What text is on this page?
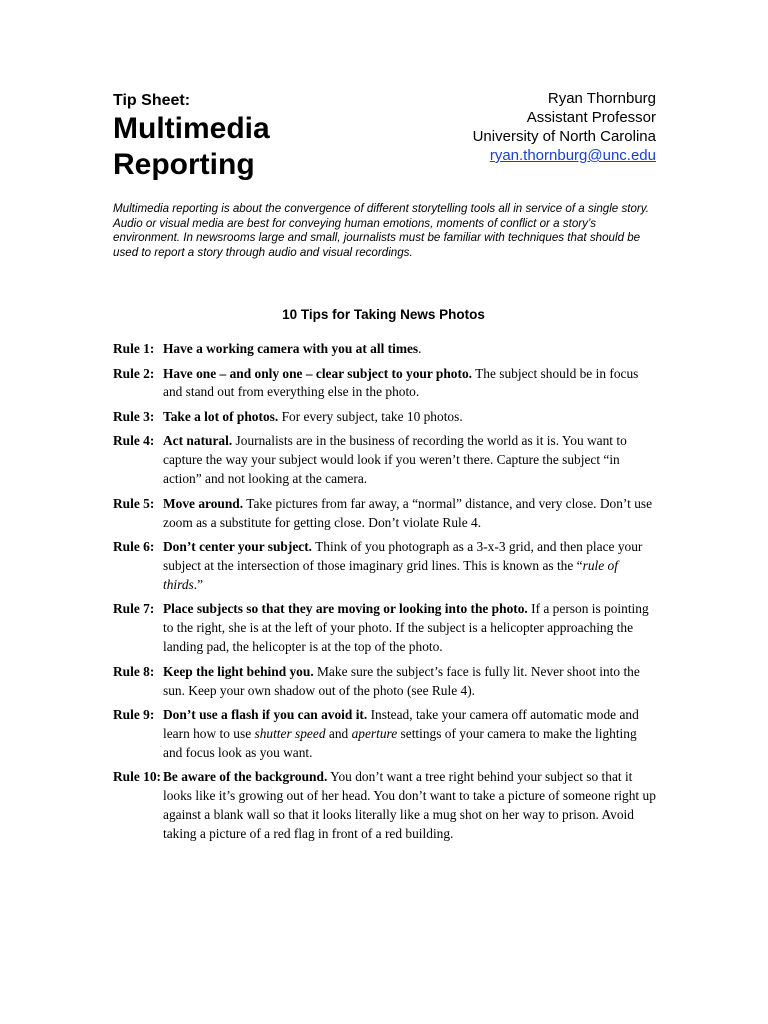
Tip Sheet:
Multimedia
Reporting
Ryan Thornburg
Assistant Professor
University of North Carolina
ryan.thornburg@unc.edu
Multimedia reporting is about the convergence of different storytelling tools all in service of a single story. Audio or visual media are best for conveying human emotions, moments of conflict or a story’s environment. In newsrooms large and small, journalists must be familiar with techniques that should be used to report a story through audio and visual recordings.
10 Tips for Taking News Photos
Rule 1: Have a working camera with you at all times.
Rule 2: Have one – and only one – clear subject to your photo. The subject should be in focus and stand out from everything else in the photo.
Rule 3: Take a lot of photos. For every subject, take 10 photos.
Rule 4: Act natural. Journalists are in the business of recording the world as it is. You want to capture the way your subject would look if you weren’t there. Capture the subject “in action” and not looking at the camera.
Rule 5: Move around. Take pictures from far away, a “normal” distance, and very close. Don’t use zoom as a substitute for getting close. Don’t violate Rule 4.
Rule 6: Don’t center your subject. Think of you photograph as a 3-x-3 grid, and then place your subject at the intersection of those imaginary grid lines. This is known as the “rule of thirds.”
Rule 7: Place subjects so that they are moving or looking into the photo. If a person is pointing to the right, she is at the left of your photo. If the subject is a helicopter approaching the landing pad, the helicopter is at the top of the photo.
Rule 8: Keep the light behind you. Make sure the subject’s face is fully lit. Never shoot into the sun. Keep your own shadow out of the photo (see Rule 4).
Rule 9: Don’t use a flash if you can avoid it. Instead, take your camera off automatic mode and learn how to use shutter speed and aperture settings of your camera to make the lighting and focus look as you want.
Rule 10: Be aware of the background. You don’t want a tree right behind your subject so that it looks like it’s growing out of her head. You don’t want to take a picture of someone right up against a blank wall so that it looks literally like a mug shot on her way to prison. Avoid taking a picture of a red flag in front of a red building.
